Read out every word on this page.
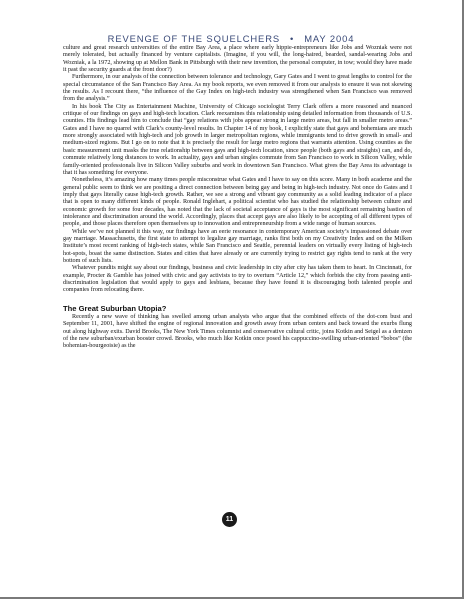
REVENGE OF THE SQUELCHERS • MAY 2004

culture and great research universities of the entire Bay Area, a place where early hippie-entrepreneurs like Jobs and Wozniak were not merely tolerated, but actually financed by venture capitalists. (Imagine, if you will, the long-haired, bearded, sandal-wearing Jobs and Wozniak, a la 1972, showing up at Mellon Bank in Pittsburgh with their new invention, the personal computer, in tow; would they have made it past the security guards at the front door?)

Furthermore, in our analysis of the connection between tolerance and technology, Gary Gates and I went to great lengths to control for the special circumstance of the San Francisco Bay Area. As my book reports, we even removed it from our analysis to ensure it was not skewing the results. As I recount there, “the influence of the Gay Index on high-tech industry was strengthened when San Francisco was removed from the analysis.”

In his book The City as Entertainment Machine, University of Chicago sociologist Terry Clark offers a more reasoned and nuanced critique of our findings on gays and high-tech location. Clark reexamines this relationship using detailed information from thousands of U.S. counties. His findings lead him to conclude that “gay relations with jobs appear strong in large metro areas, but fall in smaller metro areas.” Gates and I have no quarrel with Clark’s county-level results. In Chapter 14 of my book, I explicitly state that gays and bohemians are much more strongly associated with high-tech and job growth in larger metropolitan regions, while immigrants tend to drive growth in small- and medium-sized regions. But I go on to note that it is precisely the result for large metro regions that warrants attention. Using counties as the basic measurement unit masks the true relationship between gays and high-tech location, since people (both gays and straights) can, and do, commute relatively long distances to work. In actuality, gays and urban singles commute from San Francisco to work in Silicon Valley, while family-oriented professionals live in Silicon Valley suburbs and work in downtown San Francisco. What gives the Bay Area its advantage is that it has something for everyone.

Nonetheless, it’s amazing how many times people misconstrue what Gates and I have to say on this score. Many in both academe and the general public seem to think we are positing a direct connection between being gay and being in high-tech industry. Not once do Gates and I imply that gays literally cause high-tech growth. Rather, we see a strong and vibrant gay community as a solid leading indicator of a place that is open to many different kinds of people. Ronald Inglehart, a political scientist who has studied the relationship between culture and economic growth for some four decades, has noted that the lack of societal acceptance of gays is the most significant remaining bastion of intolerance and discrimination around the world. Accordingly, places that accept gays are also likely to be accepting of all different types of people, and those places therefore open themselves up to innovation and entrepreneurship from a wide range of human sources.

While we’ve not planned it this way, our findings have an eerie resonance in contemporary American society’s impassioned debate over gay marriage. Massachusetts, the first state to attempt to legalize gay marriage, ranks first both on my Creativity Index and on the Milken Institute’s most recent ranking of high-tech states, while San Francisco and Seattle, perennial leaders on virtually every listing of high-tech hot-spots, boast the same distinction. States and cities that have already or are currently trying to restrict gay rights tend to rank at the very bottom of such lists.

Whatever pundits might say about our findings, business and civic leadership in city after city has taken them to heart. In Cincinnati, for example, Procter & Gamble has joined with civic and gay activists to try to overturn “Article 12,” which forbids the city from passing anti-discrimination legislation that would apply to gays and lesbians, because they have found it is discouraging both talented people and companies from relocating there.

The Great Suburban Utopia?

Recently a new wave of thinking has swelled among urban analysts who argue that the combined effects of the dot-com bust and September 11, 2001, have shifted the engine of regional innovation and growth away from urban centers and back toward the exurbs flung out along highway exits. David Brooks, The New York Times columnist and conservative cultural critic, joins Kotkin and Seigel as a denizen of the new suburban/exurban booster crowd. Brooks, who much like Kotkin once posed his cappuccino-swilling urban-oriented “bobos” (the bohemian-bourgeoisie) as the

11
